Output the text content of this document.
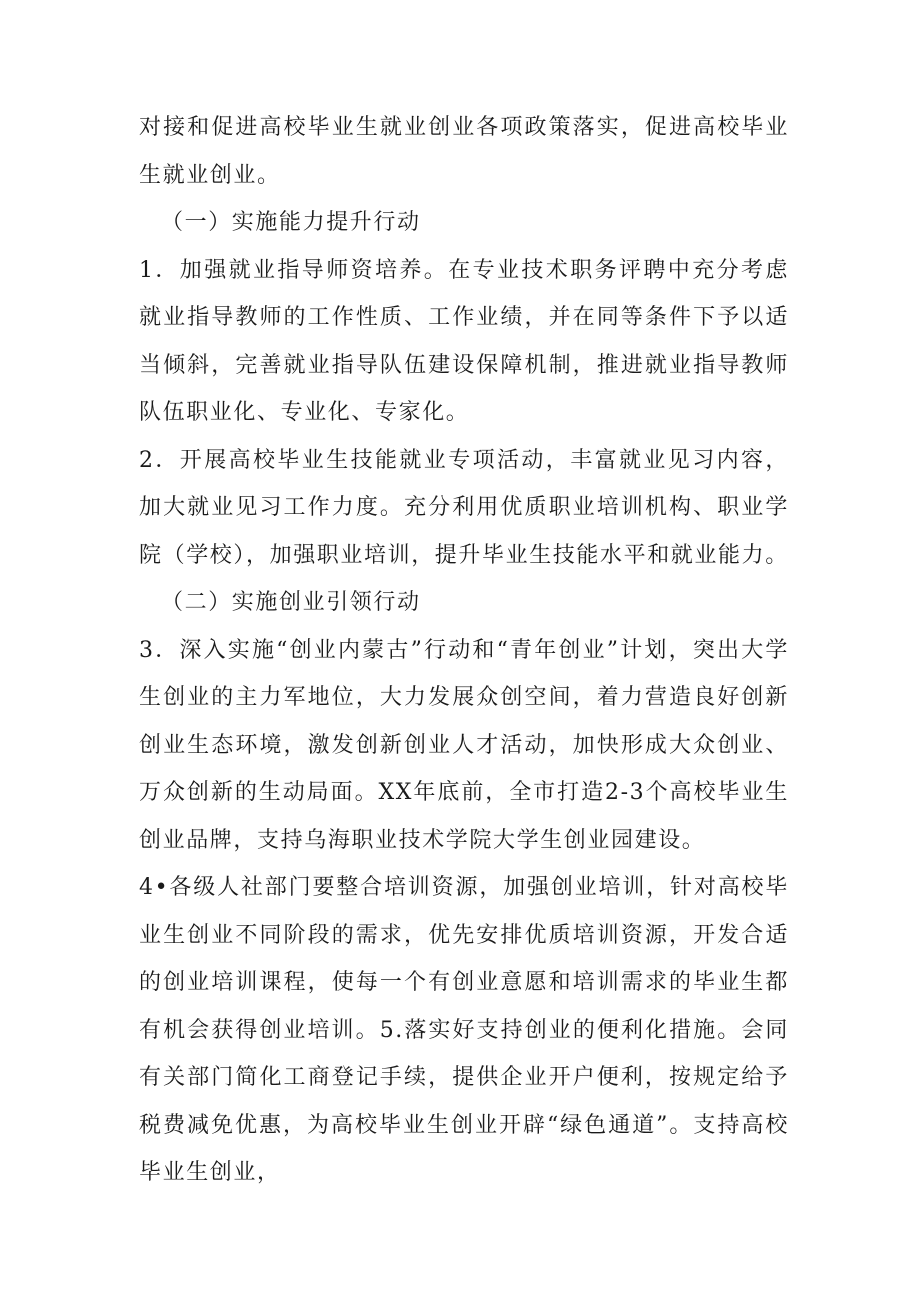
对接和促进高校毕业生就业创业各项政策落实，促进高校毕业生就业创业。

（一）实施能力提升行动

1．加强就业指导师资培养。在专业技术职务评聘中充分考虑就业指导教师的工作性质、工作业绩，并在同等条件下予以适当倾斜，完善就业指导队伍建设保障机制，推进就业指导教师队伍职业化、专业化、专家化。

2．开展高校毕业生技能就业专项活动，丰富就业见习内容，加大就业见习工作力度。充分利用优质职业培训机构、职业学院（学校），加强职业培训，提升毕业生技能水平和就业能力。

（二）实施创业引领行动

3．深入实施“创业内蒙古”行动和“青年创业”计划，突出大学生创业的主力军地位，大力发展众创空间，着力营造良好创新创业生态环境，激发创新创业人才活动，加快形成大众创业、万众创新的生动局面。XX年底前，全市打造2-3个高校毕业生创业品牌，支持乌海职业技术学院大学生创业园建设。

4•各级人社部门要整合培训资源，加强创业培训，针对高校毕业生创业不同阶段的需求，优先安排优质培训资源，开发合适的创业培训课程，使每一个有创业意愿和培训需求的毕业生都有机会获得创业培训。5.落实好支持创业的便利化措施。会同有关部门简化工商登记手续，提供企业开户便利，按规定给予税费减免优惠，为高校毕业生创业开辟“绿色通道”。支持高校毕业生创业，
